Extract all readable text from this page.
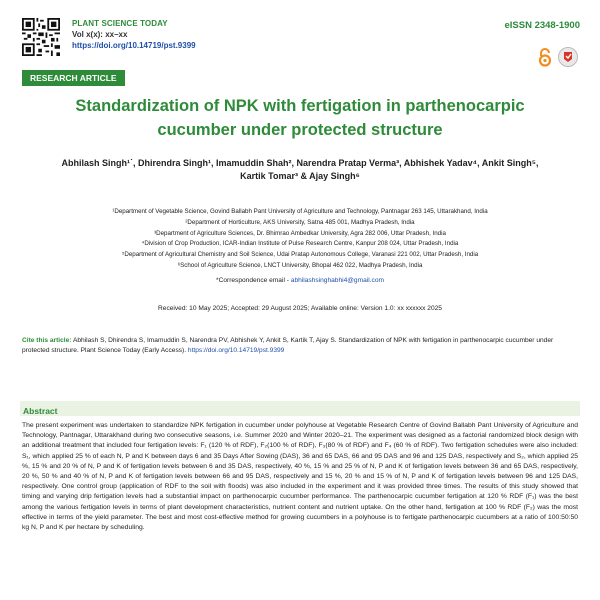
PLANT SCIENCE TODAY
Vol x(x): xx–xx
https://doi.org/10.14719/pst.9399
eISSN 2348-1900
RESEARCH ARTICLE
Standardization of NPK with fertigation in parthenocarpic cucumber under protected structure
Abhilash Singh¹˙, Dhirendra Singh¹, Imamuddin Shah², Narendra Pratap Verma³, Abhishek Yadav⁴, Ankit Singh⁵,
Kartik Tomar³ & Ajay Singh⁶
¹Department of Vegetable Science, Govind Ballabh Pant University of Agriculture and Technology, Pantnagar 263 145, Uttarakhand, India
²Department of Horticulture, AKS University, Satna 485 001, Madhya Pradesh, India
³Department of Agriculture Sciences, Dr. Bhimrao Ambedkar University, Agra 282 006, Uttar Pradesh, India
⁴Division of Crop Production, ICAR-Indian Institute of Pulse Research Centre, Kanpur 208 024, Uttar Pradesh, India
⁵Department of Agricultural Chemistry and Soil Science, Udai Pratap Autonomous College, Varanasi 221 002, Uttar Pradesh, India
⁶School of Agriculture Science, LNCT University, Bhopal 462 022, Madhya Pradesh, India
*Correspondence email - abhilashsinghabhi4@gmail.com
Received: 10 May 2025; Accepted: 29 August 2025; Available online: Version 1.0: xx xxxxxx 2025
Cite this article: Abhilash S, Dhirendra S, Imamuddin S, Narendra PV, Abhishek Y, Ankit S, Kartik T, Ajay S. Standardization of NPK with fertigation in parthenocarpic cucumber under protected structure. Plant Science Today (Early Access). https://doi.org/10.14719/pst.9399
Abstract
The present experiment was undertaken to standardize NPK fertigation in cucumber under polyhouse at Vegetable Research Centre of Govind Ballabh Pant University of Agriculture and Technology, Pantnagar, Uttarakhand during two consecutive seasons, i.e. Summer 2020 and Winter 2020–21. The experiment was designed as a factorial randomized block design with an additional treatment that included four fertigation levels: F₁ (120 % of RDF), F₂(100 % of RDF), F₃(80 % of RDF) and F₄ (60 % of RDF). Two fertigation schedules were also included: S₁, which applied 25 % of each N, P and K between days 6 and 35 Days After Sowing (DAS), 36 and 65 DAS, 66 and 95 DAS and 96 and 125 DAS, respectively and S₂, which applied 25 %, 15 % and 20 % of N, P and K of fertigation levels between 6 and 35 DAS, respectively, 40 %, 15 % and 25 % of N, P and K of fertigation levels between 36 and 65 DAS, respectively, 20 %, 50 % and 40 % of N, P and K of fertigation levels between 66 and 95 DAS, respectively and 15 %, 20 % and 15 % of N, P and K of fertigation levels between 96 and 125 DAS, respectively. One control group (application of RDF to the soil with floods) was also included in the experiment and it was provided three times. The results of this study showed that timing and varying drip fertigation levels had a substantial impact on parthenocarpic cucumber performance. The parthenocarpic cucumber fertigation at 120 % RDF (F₁) was the best among the various fertigation levels in terms of plant development characteristics, nutrient content and nutrient uptake. On the other hand, fertigation at 100 % RDF (F₂) was the most effective in terms of the yield parameter. The best and most cost-effective method for growing cucumbers in a polyhouse is to fertigate parthenocarpic cucumbers at a ratio of 100:50:50 kg N, P and K per hectare by scheduling.
